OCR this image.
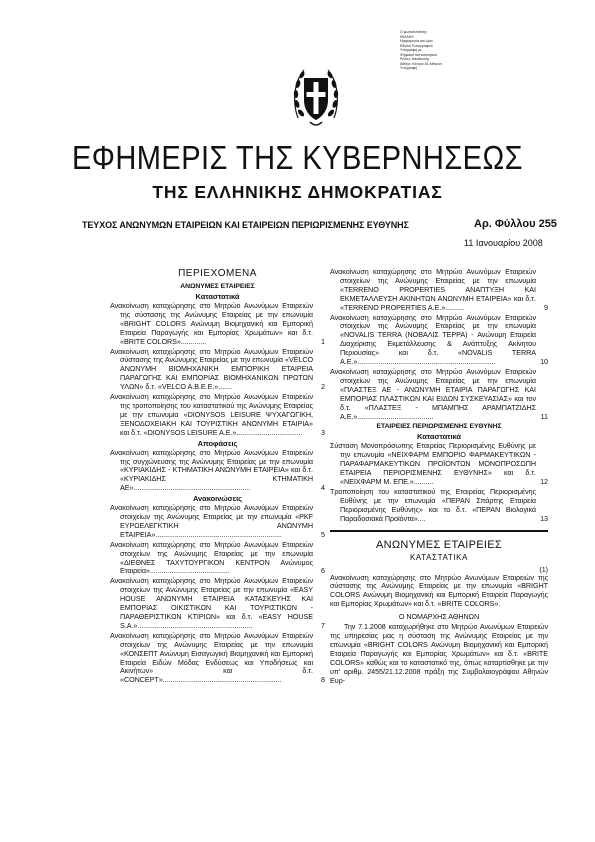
Ο φωτοσυνθέτης
ΜΙΧΑΗΛ
Ημερομηνία και ώρα
Εθνικό Τυπογραφείο
Υπογραφή με
Ψηφιακό πιστοποιητικό
Ρόλος: Διευθυντής
Αθήνα: Κέντρο 34 Αθηνών
Υπογραφή
ΕΦΗΜΕΡΙΣ ΤΗΣ ΚΥΒΕΡΝΗΣΕΩΣ
ΤΗΣ ΕΛΛΗΝΙΚΗΣ ΔΗΜΟΚΡΑΤΙΑΣ
ΤΕΥΧΟΣ ΑΝΩΝΥΜΩΝ ΕΤΑΙΡΕΙΩΝ ΚΑΙ ΕΤΑΙΡΕΙΩΝ ΠΕΡΙΩΡΙΣΜΕΝΗΣ ΕΥΘΥΝΗΣ	Αρ. Φύλλου 255
11 Ιανουαρίου 2008
ΠΕΡΙΕΧΟΜΕΝΑ
ΑΝΩΝΥΜΕΣ ΕΤΑΙΡΕΙΕΣ
Καταστατικά
Ανακοίνωση καταχώρησης στο Μητρώο Ανωνύμων Εταιρειών της σύστασης της Ανώνυμης Εταιρείας με την επωνυμία «BRIGHT COLORS Ανώνυμη Βιομηχανική και Εμπορική Εταιρεία Παραγωγής και Εμπορίας Χρωμάτων» και δ.τ. «BRITE COLORS».............	1
Ανακοίνωση καταχώρησης στο Μητρώο Ανωνύμων Εταιρειών σύστασης της Ανώνυμης Εταιρείας με την επωνυμία «VELCO ΑΝΩΝΥΜΗ ΒΙΟΜΗΧΑΝΙΚΗ ΕΜΠΟΡΙΚΗ ΕΤΑΙΡΕΙΑ ΠΑΡΑΓΩΓΗΣ ΚΑΙ ΕΜΠΟΡΙΑΣ ΒΙΟΜΗΧΑΝΙΚΩΝ ΠΡΩΤΩΝ ΥΛΩΝ» δ.τ. «VELCO A.B.E.E.».......	2
Ανακοίνωση καταχώρησης στο Μητρώο Ανωνύμων Εταιρειών της τροποποίησης του καταστατικού της Ανώνυμης Εταιρείας με την επωνυμία «DIONYSOS LEISURE ΨΥΧΑΓΩΓΙΚΗ, ΞΕΝΟΔΟΧΕΙΑΚΗ ΚΑΙ ΤΟΥΡΙΣΤΙΚΗ ΑΝΩΝΥΜΗ ΕΤΑΙΡΙΑ» και δ.τ. «DIONYSOS LEISURE A.E.»..................................	3
Αποφάσεις
Ανακοίνωση καταχώρησης στο Μητρώο Ανωνύμων Εταιρειών της συγχώνευσης της Ανώνυμης Εταιρείας με την επωνυμία «ΚΥΡΙΑΚΙΔΗΣ - ΚΤΗΜΑΤΙΚΗ ΑΝΩΝΥΜΗ ΕΤΑΙΡΕΙΑ» και δ.τ. «ΚΥΡΙΑΚΙΔΗΣ ΚΤΗΜΑΤΙΚΗ ΑΕ»............................................................	4
Ανακοινώσεις
Ανακοίνωση καταχώρησης στο Μητρώο Ανωνύμων Εταιρειών στοιχείων της Ανώνυμης Εταιρείας με την επωνυμία «PKF ΕΥΡΩΕΛΕΓΚΤΙΚΗ ΑΝΩΝΥΜΗ ΕΤΑΙΡΕΙΑ».................................................................	5
Ανακοίνωση καταχώρησης στο Μητρώο Ανωνύμων Εταιρειών στοιχείων της Ανώνυμης Εταιρείας με την επωνυμία «ΔΙΕΘΝΕΣ ΤΑΧΥΤΟΥΡΓΙΚΟΝ ΚΕΝΤΡΟΝ Ανώνυμος Εταιρεία».........................................	6
Ανακοίνωση καταχώρησης στο Μητρώο Ανωνύμων Εταιρειών στοιχείων της Ανώνυμης Εταιρείας με την επωνυμία «EASY HOUSE ΑΝΩΝΥΜΗ ΕΤΑΙΡΕΙΑ ΚΑΤΑΣΚΕΥΗΣ ΚΑΙ ΕΜΠΟΡΙΑΣ ΟΙΚΙΣΤΙΚΩΝ ΚΑΙ ΤΟΥΡΙΣΤΙΚΩΝ - ΠΑΡΑΘΕΡΙΣΤΙΚΩΝ ΚΤΙΡΙΩΝ» και δ.τ. «EASY HOUSE S.A.»...........................................................	7
Ανακοίνωση καταχώρησης στο Μητρώο Ανωνύμων Εταιρειών στοιχείων της Ανώνυμης Εταιρείας με την επωνυμία «ΚΟΝΣΕΠΤ Ανώνυμη Εισαγωγική Βιομηχανική και Εμπορική Εταιρεία Ειδών Μόδας Ενδύσεως και Υποδήσεως και Ακινήτων» και δ.τ. «CONCEPT».............................................................	8
Ανακοίνωση καταχώρησης στο Μητρώο Ανωνύμων Εταιρειών στοιχείων της Ανώνυμης Εταιρείας με την επωνυμία «TERRENO PROPERTIES ΑΝΑΠΤΥΞΗ ΚΑΙ ΕΚΜΕΤΑΛΛΕΥΣΗ ΑΚΙΝΗΤΩΝ ΑΝΩΝΥΜΗ ΕΤΑΙΡΕΙΑ» και δ.τ. «TERRENO PROPERTIES A.E.»..........	9
Ανακοίνωση καταχώρησης στο Μητρώο Ανωνύμων Εταιρειών στοιχείων της Ανώνυμης Εταιρείας με την επωνυμία «NOVALIS TERRA (ΝΟΒΑΛΙΣ ΤΕΡΡΑ) - Ανώνυμη Εταιρεία Διαχείρισης Εκμετάλλευσης & Ανάπτυξης Ακίνητου Περιουσίας» και δ.τ. «NOVALIS TERRA A.E.».......................................................................	10
Ανακοίνωση καταχώρησης στο Μητρώο Ανωνύμων Εταιρειών στοιχείων της Ανώνυμης Εταιρείας με την επωνυμία «ΠΛΑΣΤΕΞ ΑΕ - ΑΝΩΝΥΜΗ ΕΤΑΙΡΙΑ ΠΑΡΑΓΩΓΗΣ ΚΑΙ ΕΜΠΟΡΙΑΣ ΠΛΑΣΤΙΚΩΝ ΚΑΙ ΕΙΔΩΝ ΣΥΣΚΕΥΑΣΙΑΣ» και τον δ.τ. «ΠΛΑΣΤΕΞ - ΜΠΑΜΠΗΣ ΑΡΑΜΠΑΤΖΙΔΗΣ Α.Ε.».......................................	11
ΕΤΑΙΡΕΙΕΣ ΠΕΡΙΩΡΙΣΜΕΝΗΣ ΕΥΘΥΝΗΣ
Καταστατικά
Σύσταση Μονοπρόσωπης Εταιρείας Περιορισμένης Ευθύνης με την επωνυμία «ΝΕΙΧΦΑΡΜ ΕΜΠΟΡΙΟ ΦΑΡΜΑΚΕΥΤΙΚΩΝ - ΠΑΡΑΦΑΡΜΑΚΕΥΤΙΚΩΝ ΠΡΟΪΟΝΤΩΝ ΜΟΝΟΠΡΟΣΩΠΗ ΕΤΑΙΡΕΙΑ ΠΕΡΙΟΡΙΣΜΕΝΗΣ ΕΥΘΥΝΗΣ» και δ.τ. «ΝΕΙΧΦΑΡΜ Μ. ΕΠΕ.»..........	12
Τροποποίηση του καταστατικού της Εταιρείας Περιορισμένης Ευθύνης με την επωνυμία «ΠΕΡΑΝ Σπάρτης Εταιρεία Περιορισμένης Ευθύνης» και το δ.τ. «ΠΕΡΑΝ Βιολογικά Παραδοσιακά Προϊόντα»....	13
ΑΝΩΝΥΜΕΣ ΕΤΑΙΡΕΙΕΣ
ΚΑΤΑΣΤΑΤΙΚΑ
(1)
Ανακοίνωση καταχώρησης στο Μητρώο Ανωνύμων Εταιρειών της σύστασης της Ανώνυμης Εταιρείας με την επωνυμία «BRIGHT COLORS Ανώνυμη Βιομηχανική και Εμπορική Εταιρεία Παραγωγής και Εμπορίας Χρωμάτων» και δ.τ. «BRITE COLORS».
Ο ΝΟΜΑΡΧΗΣ ΑΘΗΝΩΝ
Την 7.1.2008 καταχωρήθηκε στο Μητρώο Ανωνύμων Εταιρειών της υπηρεσίας μας η σύσταση της Ανώνυμης Εταιρείας με την επωνυμία «BRIGHT COLORS Ανώνυμη Βιομηχανική και Εμπορική Εταιρεία Παραγωγής και Εμπορίας Χρωμάτων» και δ.τ. «BRITE COLORS» καθώς και το καταστατικό της, όπως καταρτίσθηκε με την υπ’ αριθμ. 2455/21.12.2008 πράξη της Συμβολαιογράφου Αθηνών Ευρ-
